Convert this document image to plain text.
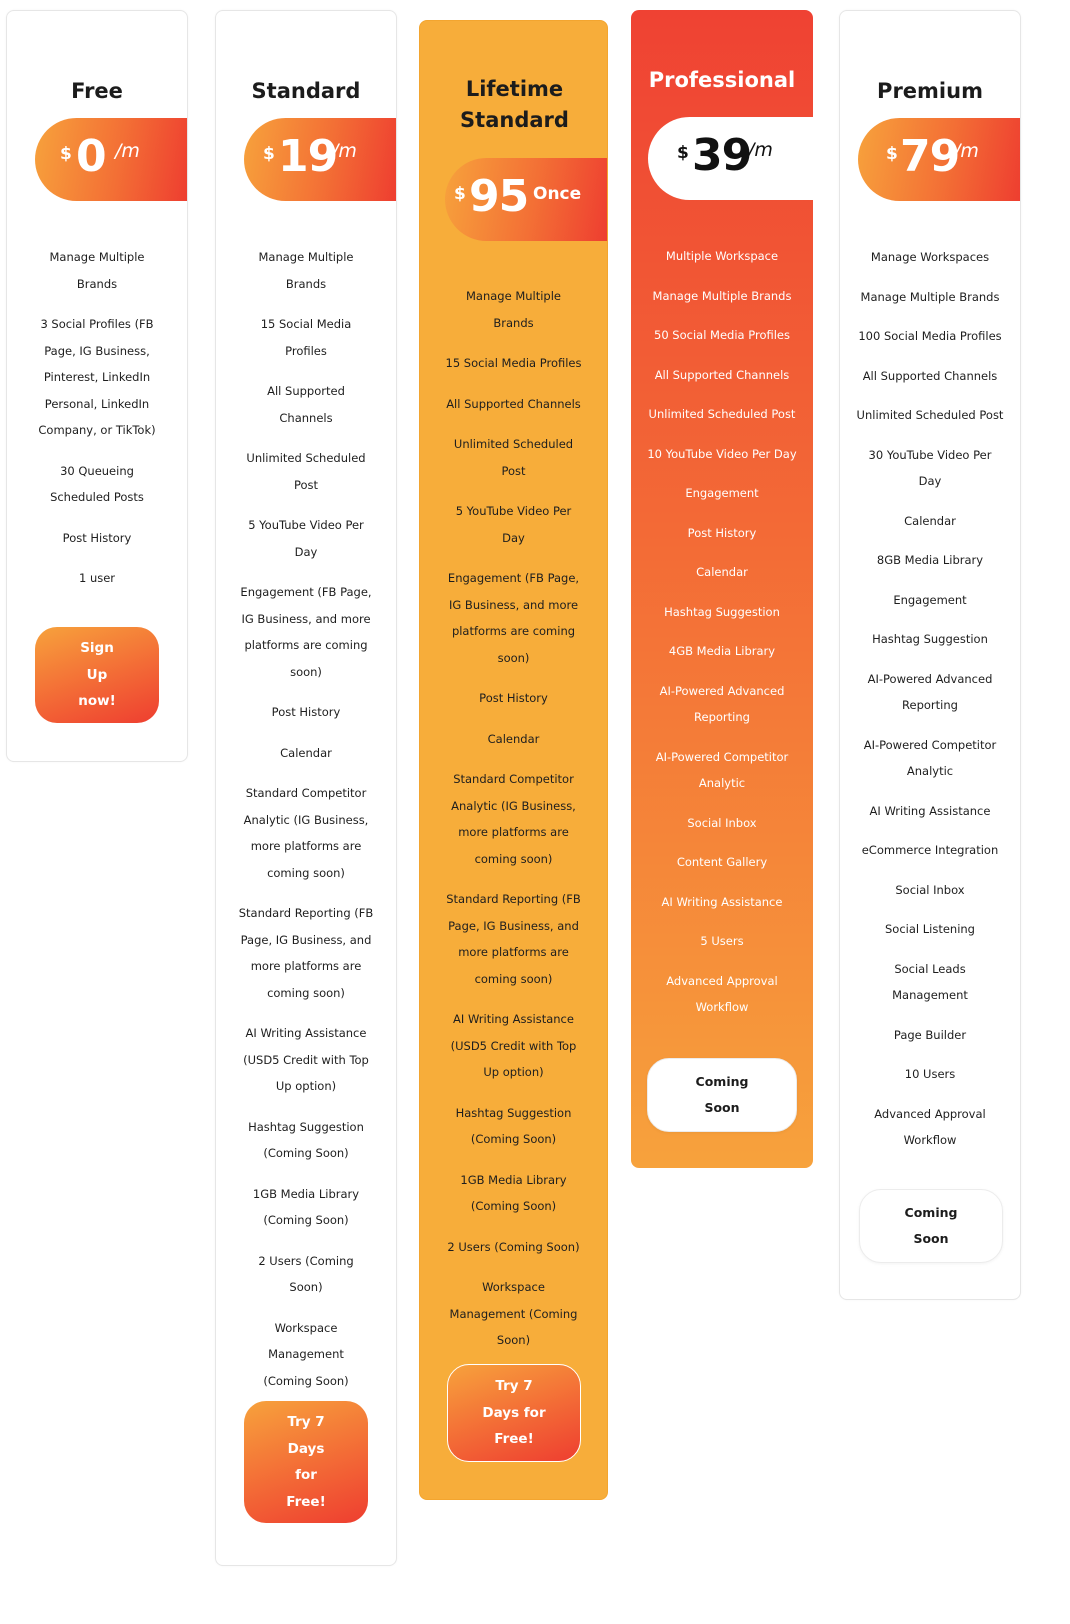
Free
$ 0 /m
Manage Multiple Brands
3 Social Profiles (FB Page, IG Business, Pinterest, LinkedIn Personal, LinkedIn Company, or TikTok)
30 Queueing Scheduled Posts
Post History
1 user
Sign Up now!
Standard
$ 19
/m
Manage Multiple Brands
15 Social Media Profiles
All Supported Channels
Unlimited Scheduled Post
5 YouTube Video Per Day
Engagement (FB Page, IG Business, and more platforms are coming soon)
Post History
Calendar
Standard Competitor Analytic (IG Business, more platforms are coming soon)
Standard Reporting (FB Page, IG Business, and more platforms are coming soon)
AI Writing Assistance (USD5 Credit with Top Up option)
Hashtag Suggestion (Coming Soon)
1GB Media Library (Coming Soon)
2 Users (Coming Soon)
Workspace Management (Coming Soon)
Try 7 Days for Free!
Lifetime Standard
$ 95 Once
Manage Multiple Brands
15 Social Media Profiles
All Supported Channels
Unlimited Scheduled Post
5 YouTube Video Per Day
Engagement (FB Page, IG Business, and more platforms are coming soon)
Post History
Calendar
Standard Competitor Analytic (IG Business, more platforms are coming soon)
Standard Reporting (FB Page, IG Business, and more platforms are coming soon)
AI Writing Assistance (USD5 Credit with Top Up option)
Hashtag Suggestion (Coming Soon)
1GB Media Library (Coming Soon)
2 Users (Coming Soon)
Workspace Management (Coming Soon)
Try 7 Days for Free!
Professional
$ 39
/m
Multiple Workspace
Manage Multiple Brands
50 Social Media Profiles
All Supported Channels
Unlimited Scheduled Post
10 YouTube Video Per Day
Engagement
Post History
Calendar
Hashtag Suggestion
4GB Media Library
AI-Powered Advanced Reporting
AI-Powered Competitor Analytic
Social Inbox
Content Gallery
AI Writing Assistance
5 Users
Advanced Approval Workflow
Coming Soon
Premium
$ 79
/m
Manage Workspaces
Manage Multiple Brands
100 Social Media Profiles
All Supported Channels
Unlimited Scheduled Post
30 YouTube Video Per Day
Calendar
8GB Media Library
Engagement
Hashtag Suggestion
AI-Powered Advanced Reporting
AI-Powered Competitor Analytic
AI Writing Assistance
eCommerce Integration
Social Inbox
Social Listening
Social Leads Management
Page Builder
10 Users
Advanced Approval Workflow
Coming Soon
